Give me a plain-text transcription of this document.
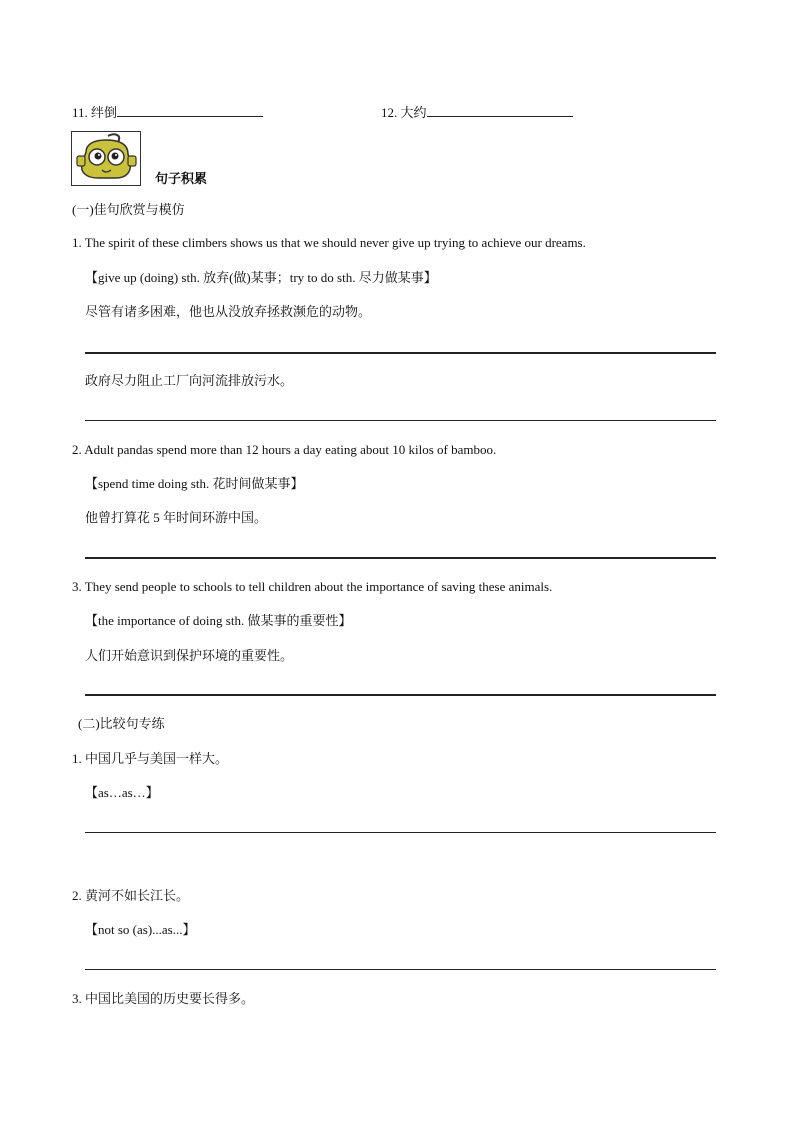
11. 绊倒	12. 大约
句子积累
(一)佳句欣赏与模仿
1. The spirit of these climbers shows us that we should never give up trying to achieve our dreams.
【give up (doing) sth. 放弃(做)某事；try to do sth. 尽力做某事】
尽管有诸多困难，他也从没放弃拯救濒危的动物。
政府尽力阻止工厂向河流排放污水。
2. Adult pandas spend more than 12 hours a day eating about 10 kilos of bamboo.
【spend time doing sth. 花时间做某事】
他曾打算花 5 年时间环游中国。
3. They send people to schools to tell children about the importance of saving these animals.
【the importance of doing sth. 做某事的重要性】
人们开始意识到保护环境的重要性。
(二)比较句专练
1. 中国几乎与美国一样大。
【as…as…】
2. 黄河不如长江长。
【not so (as)...as...】
3. 中国比美国的历史要长得多。
